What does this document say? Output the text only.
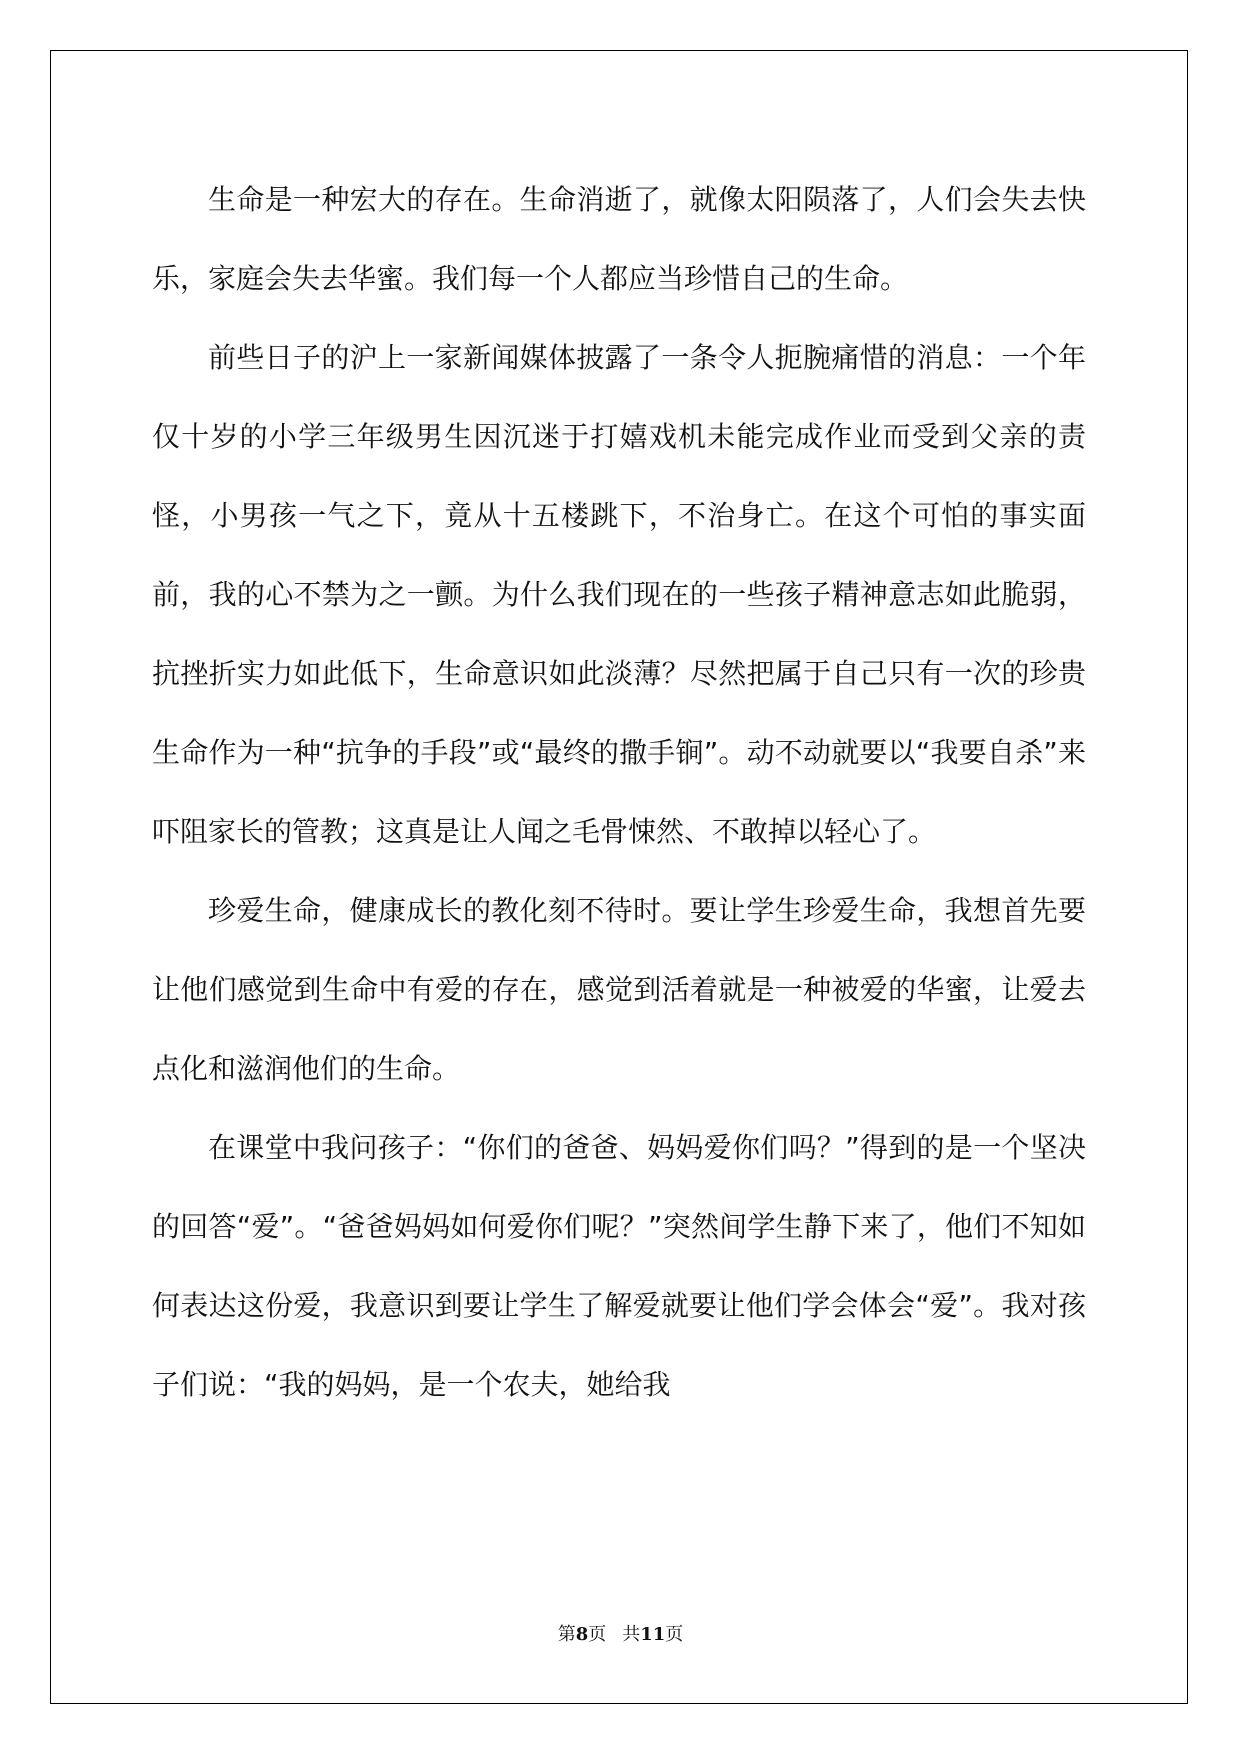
生命是一种宏大的存在。生命消逝了，就像太阳陨落了，人们会失去快乐，家庭会失去华蜜。我们每一个人都应当珍惜自己的生命。

前些日子的沪上一家新闻媒体披露了一条令人扼腕痛惜的消息：一个年仅十岁的小学三年级男生因沉迷于打嬉戏机未能完成作业而受到父亲的责怪，小男孩一气之下，竟从十五楼跳下，不治身亡。在这个可怕的事实面前，我的心不禁为之一颤。为什么我们现在的一些孩子精神意志如此脆弱，抗挫折实力如此低下，生命意识如此淡薄？尽然把属于自己只有一次的珍贵生命作为一种“抗争的手段”或“最终的撒手锏”。动不动就要以“我要自杀”来吓阻家长的管教；这真是让人闻之毛骨悚然、不敢掉以轻心了。

珍爱生命，健康成长的教化刻不待时。要让学生珍爱生命，我想首先要让他们感觉到生命中有爱的存在，感觉到活着就是一种被爱的华蜜，让爱去点化和滋润他们的生命。

在课堂中我问孩子：“你们的爸爸、妈妈爱你们吗？”得到的是一个坚决的回答“爱”。“爸爸妈妈如何爱你们呢？”突然间学生静下来了，他们不知如何表达这份爱，我意识到要让学生了解爱就要让他们学会体会“爱”。我对孩子们说：“我的妈妈，是一个农夫，她给我

第8页 共11页
